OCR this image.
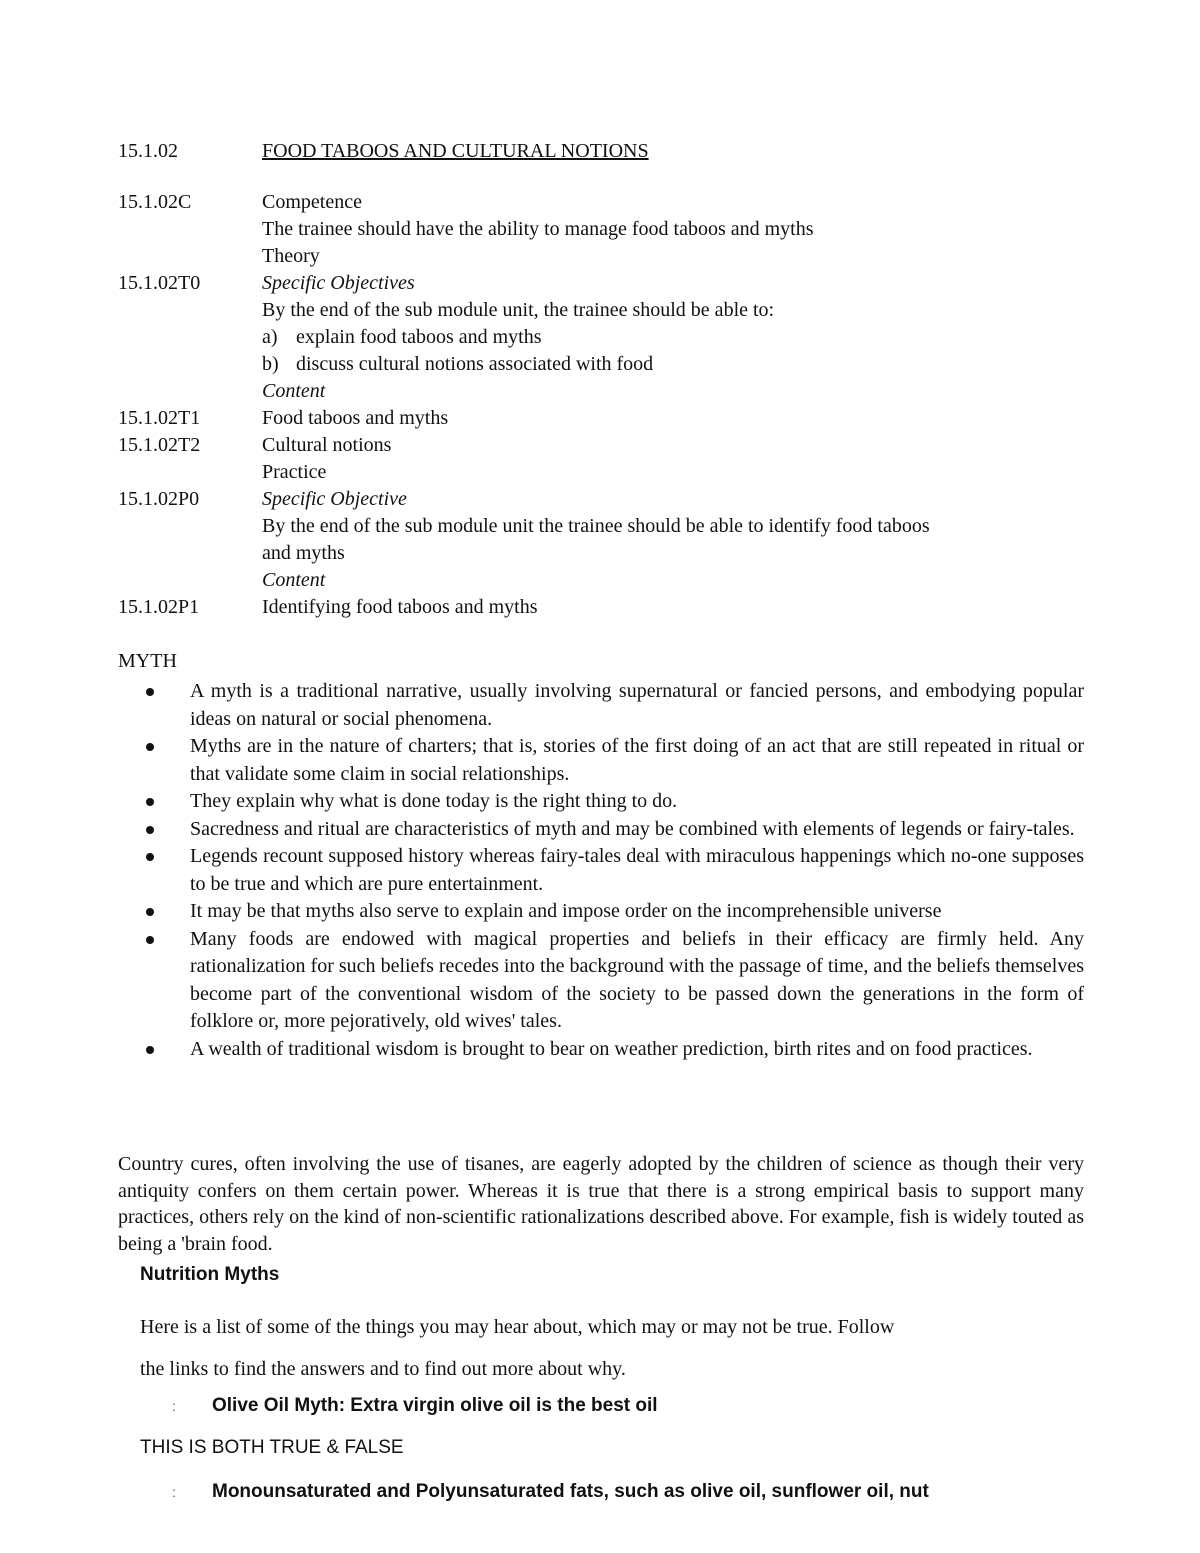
15.1.02	FOOD TABOOS AND CULTURAL NOTIONS
15.1.02C	Competence
The trainee should have the ability to manage food taboos and myths
Theory
15.1.02T0	Specific Objectives
By the end of the sub module unit, the trainee should be able to:
a) explain food taboos and myths
b) discuss cultural notions associated with food
Content
15.1.02T1	Food taboos and myths
15.1.02T2	Cultural notions
Practice
15.1.02P0	Specific Objective
By the end of the sub module unit the trainee should be able to identify food taboos
and myths
Content
15.1.02P1	Identifying food taboos and myths
MYTH
A myth is a traditional narrative, usually involving supernatural or fancied persons, and embodying popular ideas on natural or social phenomena.
Myths are in the nature of charters; that is, stories of the first doing of an act that are still repeated in ritual or that validate some claim in social relationships.
They explain why what is done today is the right thing to do.
Sacredness and ritual are characteristics of myth and may be combined with elements of legends or fairy-tales.
Legends recount supposed history whereas fairy-tales deal with miraculous happenings which no-one supposes to be true and which are pure entertainment.
It may be that myths also serve to explain and impose order on the incomprehensible universe
Many foods are endowed with magical properties and beliefs in their efficacy are firmly held. Any rationalization for such beliefs recedes into the background with the passage of time, and the beliefs themselves become part of the conventional wisdom of the society to be passed down the generations in the form of folklore or, more pejoratively, old wives' tales.
A wealth of traditional wisdom is brought to bear on weather prediction, birth rites and on food practices.

Country cures, often involving the use of tisanes, are eagerly adopted by the children of science as though their very antiquity confers on them certain power. Whereas it is true that there is a strong empirical basis to support many practices, others rely on the kind of non-scientific rationalizations described above. For example, fish is widely touted as being a 'brain food.

Nutrition Myths
Here is a list of some of the things you may hear about, which may or may not be true. Follow
the links to find the answers and to find out more about why.
: Olive Oil Myth: Extra virgin olive oil is the best oil
THIS IS BOTH TRUE & FALSE
: Monounsaturated and Polyunsaturated fats, such as olive oil, sunflower oil, nut
